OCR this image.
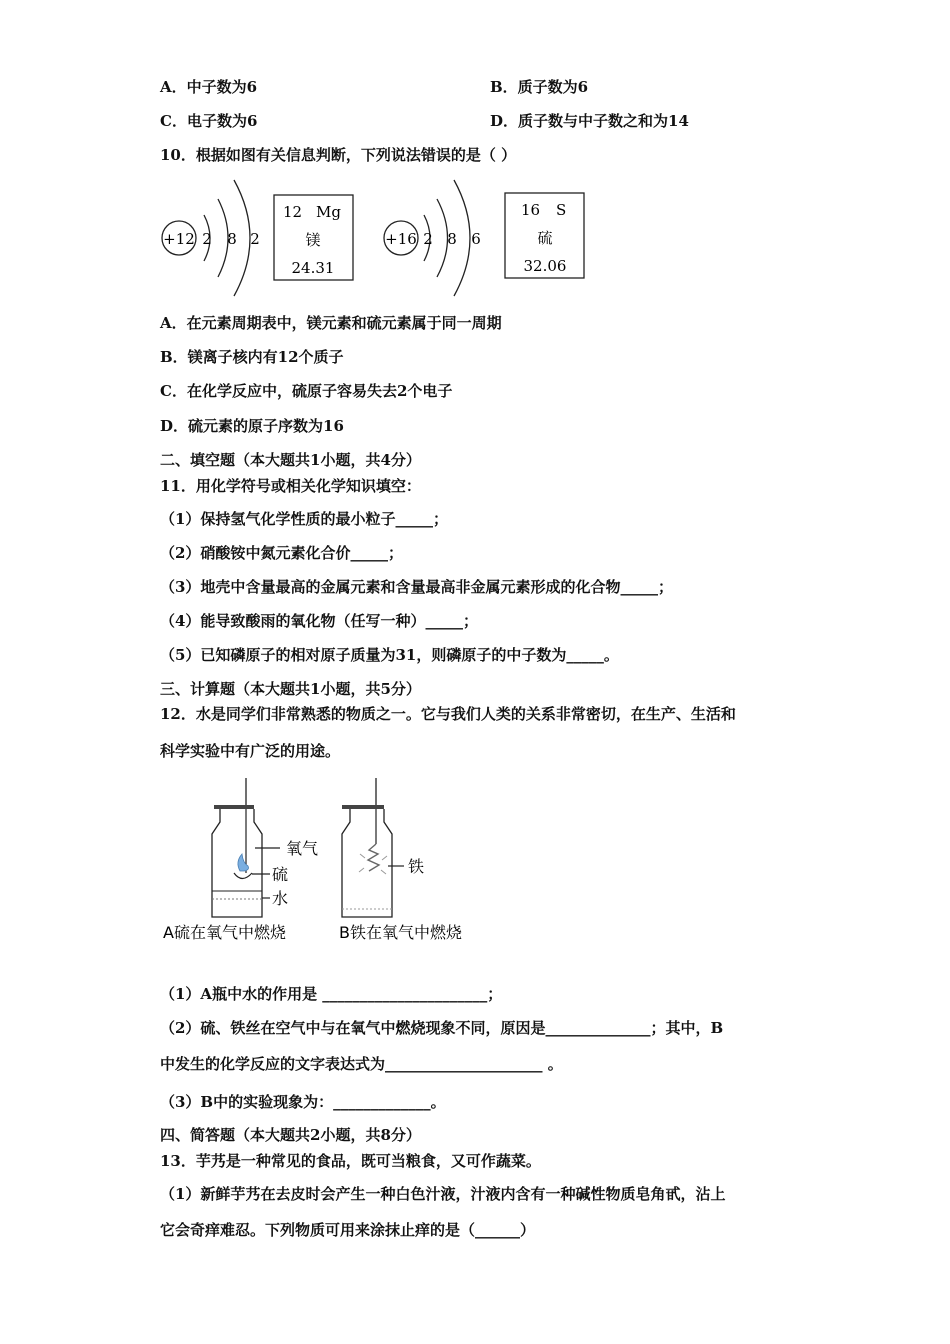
A．中子数为6	B．质子数为6
C．电子数为6	D．质子数与中子数之和为14
10．根据如图有关信息判断，下列说法错误的是（ ）
+12 2 8 2
12 Mg
镁
24.31
+16 2 8 6
16 S
硫
32.06
A．在元素周期表中，镁元素和硫元素属于同一周期
B．镁离子核内有12个质子
C．在化学反应中，硫原子容易失去2个电子
D．硫元素的原子序数为16
二、填空题（本大题共1小题，共4分）
11．用化学符号或相关化学知识填空：
（1）保持氢气化学性质的最小粒子_____；
（2）硝酸铵中氮元素化合价_____；
（3）地壳中含量最高的金属元素和含量最高非金属元素形成的化合物_____；
（4）能导致酸雨的氧化物（任写一种）_____；
（5）已知磷原子的相对原子质量为31，则磷原子的中子数为_____。
三、计算题（本大题共1小题，共5分）
12．水是同学们非常熟悉的物质之一。它与我们人类的关系非常密切，在生产、生活和
科学实验中有广泛的用途。
氧气
硫
水
A硫在氧气中燃烧
铁
B铁在氧气中燃烧
（1）A瓶中水的作用是 ______________________；
（2）硫、铁丝在空气中与在氧气中燃烧现象不同，原因是______________；其中，B
中发生的化学反应的文字表达式为_____________________ 。
（3）B中的实验现象为：_____________。
四、简答题（本大题共2小题，共8分）
13．芋艿是一种常见的食品，既可当粮食，又可作蔬菜。
（1）新鲜芋艿在去皮时会产生一种白色汁液，汁液内含有一种碱性物质皂角甙，沾上
它会奇痒难忍。下列物质可用来涂抹止痒的是（______）
